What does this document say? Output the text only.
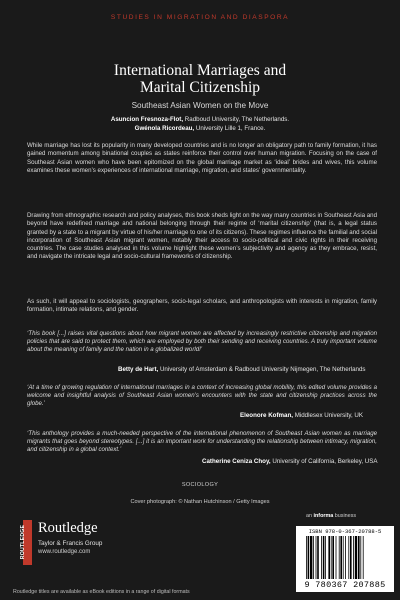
STUDIES IN MIGRATION AND DIASPORA
International Marriages and
Marital Citizenship
Southeast Asian Women on the Move
Asuncion Fresnoza-Flot, Radboud University, The Netherlands.
Gwénola Ricordeau, University Lille 1, France.

While marriage has lost its popularity in many developed countries and is no longer an obligatory path to family formation, it has gained momentum among binational couples as states reinforce their control over human migration. Focusing on the case of Southeast Asian women who have been epitomized on the global marriage market as ‘ideal’ brides and wives, this volume examines these women’s experiences of international marriage, migration, and states’ governmentality.

Drawing from ethnographic research and policy analyses, this book sheds light on the way many countries in Southeast Asia and beyond have redefined marriage and national belonging through their regime of ‘marital citizenship’ (that is, a legal status granted by a state to a migrant by virtue of his/her marriage to one of its citizens). These regimes influence the familial and social incorporation of Southeast Asian migrant women, notably their access to socio-political and civic rights in their receiving countries. The case studies analysed in this volume highlight these women’s subjectivity and agency as they embrace, resist, and navigate the intricate legal and socio-cultural frameworks of citizenship.

As such, it will appeal to sociologists, geographers, socio-legal scholars, and anthropologists with interests in migration, family formation, intimate relations, and gender.

‘This book [...] raises vital questions about how migrant women are affected by increasingly restrictive citizenship and migration policies that are said to protect them, which are employed by both their sending and receiving countries. A truly important volume about the meaning of family and the nation in a globalized world!’

Betty de Hart, University of Amsterdam & Radboud University Nijmegen, The Netherlands

‘At a time of growing regulation of international marriages in a context of increasing global mobility, this edited volume provides a welcome and insightful analysis of Southeast Asian women’s encounters with the state and citizenship practices across the globe.’

Eleonore Kofman, Middlesex University, UK

‘This anthology provides a much-needed perspective of the international phenomenon of Southeast Asian women as marriage migrants that goes beyond stereotypes. [...] it is an important work for understanding the relationship between intimacy, migration, and citizenship in a global context.’

Catherine Ceniza Choy, University of California, Berkeley, USA
SOCIOLOGY
Cover photograph: © Nathan Hutchinson / Getty Images
an informa business
ROUTLEDGE Routledge
Taylor & Francis Group
www.routledge.com
Routledge titles are available as eBook editions in a range of digital formats
ISBN 978-0-367-20788-5
9 780367 207885
